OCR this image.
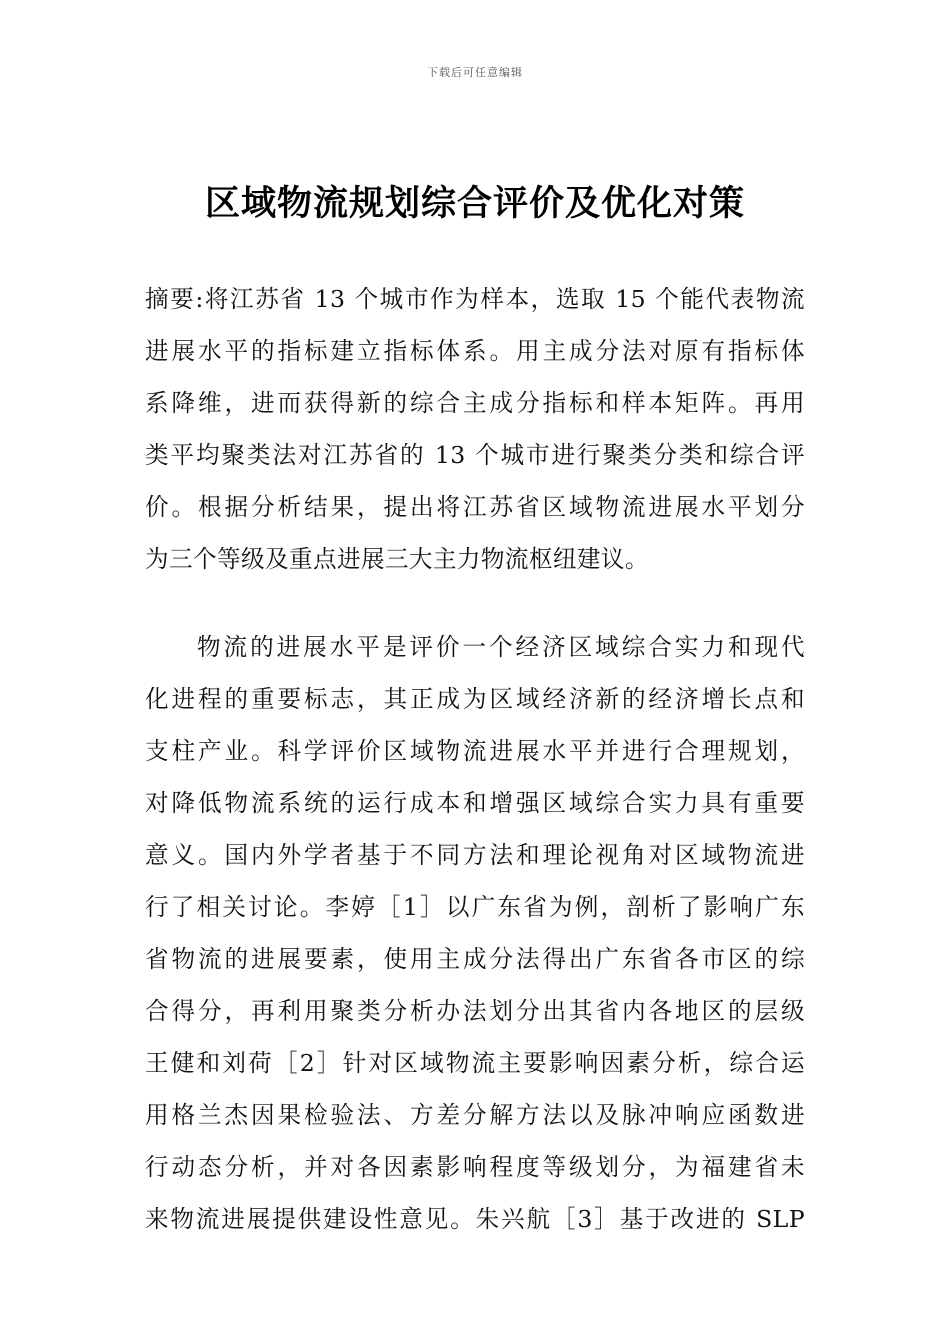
下载后可任意编辑
区域物流规划综合评价及优化对策
摘要:将江苏省 13 个城市作为样本，选取 15 个能代表物流
进展水平的指标建立指标体系。用主成分法对原有指标体
系降维，进而获得新的综合主成分指标和样本矩阵。再用
类平均聚类法对江苏省的 13 个城市进行聚类分类和综合评
价。根据分析结果，提出将江苏省区域物流进展水平划分
为三个等级及重点进展三大主力物流枢纽建议。
物流的进展水平是评价一个经济区域综合实力和现代
化进程的重要标志，其正成为区域经济新的经济增长点和
支柱产业。科学评价区域物流进展水平并进行合理规划，
对降低物流系统的运行成本和增强区域综合实力具有重要
意义。国内外学者基于不同方法和理论视角对区域物流进
行了相关讨论。李婷［1］以广东省为例，剖析了影响广东
省物流的进展要素，使用主成分法得出广东省各市区的综
合得分，再利用聚类分析办法划分出其省内各地区的层级
王健和刘荷［2］针对区域物流主要影响因素分析，综合运
用格兰杰因果检验法、方差分解方法以及脉冲响应函数进
行动态分析，并对各因素影响程度等级划分，为福建省未
来物流进展提供建设性意见。朱兴航［3］基于改进的 SLP
